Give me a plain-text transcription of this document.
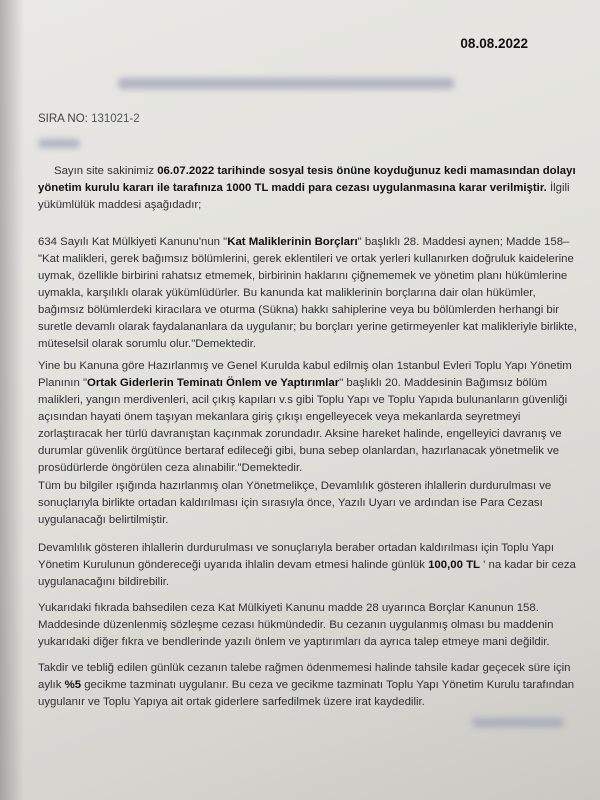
08.08.2022
SIRA NO: 131021-2

Sayın site sakinimiz 06.07.2022 tarihinde sosyal tesis önüne koyduğunuz kedi mamasından dolayı yönetim kurulu kararı ile tarafınıza 1000 TL maddi para cezası uygulanmasına karar verilmiştir. İlgili yükümlülük maddesi aşağıdadır;

634 Sayılı Kat Mülkiyeti Kanunu'nun "Kat Maliklerinin Borçları" başlıklı 28. Maddesi aynen; Madde 158– "Kat malikleri, gerek bağımsız bölümlerini, gerek eklentileri ve ortak yerleri kullanırken doğruluk kaidelerine uymak, özellikle birbirini rahatsız etmemek, birbirinin haklarını çiğnememek ve yönetim planı hükümlerine uymakla, karşılıklı olarak yükümlüdürler. Bu kanunda kat maliklerinin borçlarına dair olan hükümler, bağımsız bölümlerdeki kiracılara ve oturma (Sükna) hakkı sahiplerine veya bu bölümlerden herhangi bir suretle devamlı olarak faydalananlara da uygulanır; bu borçları yerine getirmeyenler kat malikleriyle birlikte, müteselsil olarak sorumlu olur."Demektedir.

Yine bu Kanuna göre Hazırlanmış ve Genel Kurulda kabul edilmiş olan 1stanbul Evleri Toplu Yapı Yönetim Planının "Ortak Giderlerin Teminatı Önlem ve Yaptırımlar" başlıklı 20. Maddesinin Bağımsız bölüm malikleri, yangın merdivenleri, acil çıkış kapıları v.s gibi Toplu Yapı ve Toplu Yapıda bulunanların güvenliği açısından hayati önem taşıyan mekanlara giriş çıkışı engelleyecek veya mekanlarda seyretmeyi zorlaştıracak her türlü davranıştan kaçınmak zorundadır. Aksine hareket halinde, engelleyici davranış ve durumlar güvenlik örgütünce bertaraf edileceği gibi, buna sebep olanlardan, hazırlanacak yönetmelik ve prosüdürlerde öngörülen ceza alınabilir."Demektedir.

Tüm bu bilgiler ışığında hazırlanmış olan Yönetmelikçe, Devamlılık gösteren ihlallerin durdurulması ve sonuçlarıyla birlikte ortadan kaldırılması için sırasıyla önce, Yazılı Uyarı ve ardından ise Para Cezası uygulanacağı belirtilmiştir.

Devamlılık gösteren ihlallerin durdurulması ve sonuçlarıyla beraber ortadan kaldırılması için Toplu Yapı Yönetim Kurulunun göndereceği uyarıda ihlalin devam etmesi halinde günlük 100,00 TL ' na kadar bir ceza uygulanacağını bildirebilir.

Yukarıdaki fıkrada bahsedilen ceza Kat Mülkiyeti Kanunu madde 28 uyarınca Borçlar Kanunun 158. Maddesinde düzenlenmiş sözleşme cezası hükmündedir. Bu cezanın uygulanmış olması bu maddenin yukarıdaki diğer fıkra ve bendlerinde yazılı önlem ve yaptırımları da ayrıca talep etmeye mani değildir.

Takdir ve tebliğ edilen günlük cezanın talebe rağmen ödenmemesi halinde tahsile kadar geçecek süre için aylık %5 gecikme tazminatı uygulanır. Bu ceza ve gecikme tazminatı Toplu Yapı Yönetim Kurulu tarafından uygulanır ve Toplu Yapıya ait ortak giderlere sarfedilmek üzere irat kaydedilir.
